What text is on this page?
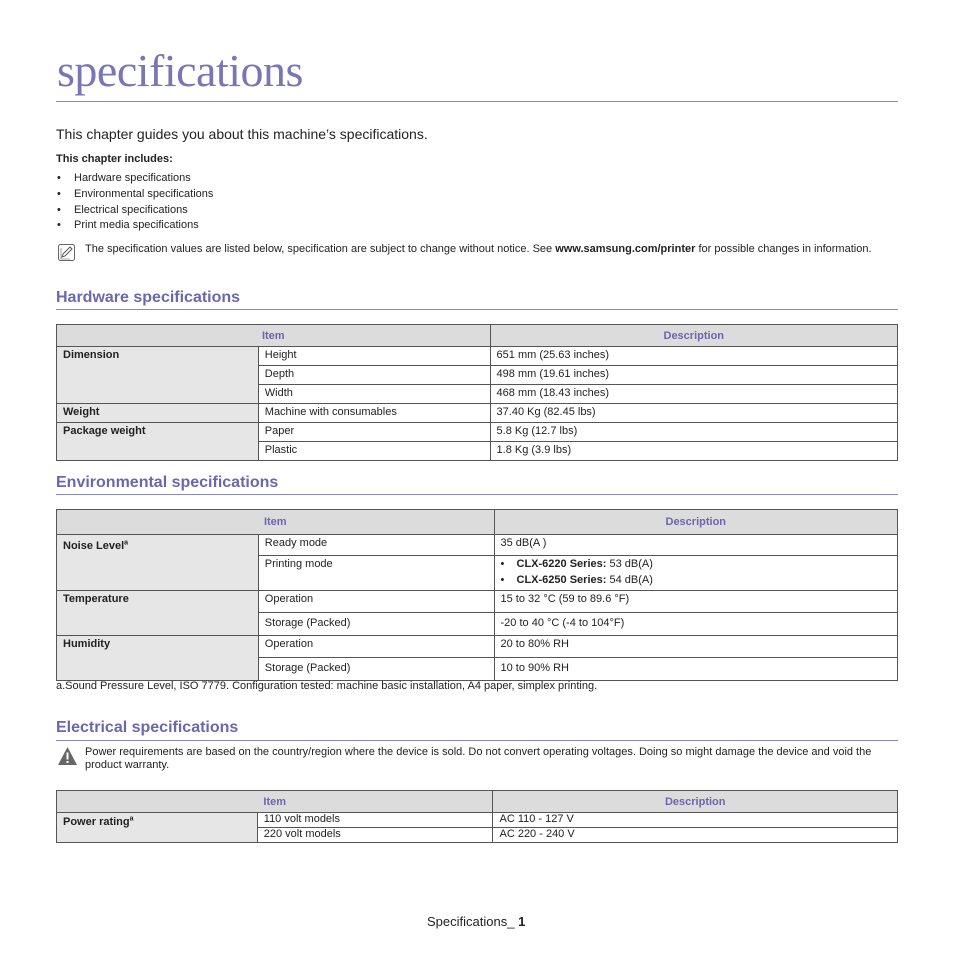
specifications
This chapter guides you about this machine’s specifications.
This chapter includes:
• Hardware specifications
• Environmental specifications
• Electrical specifications
• Print media specifications
The specification values are listed below, specification are subject to change without notice. See www.samsung.com/printer for possible changes in information.
Hardware specifications
Item		Description
Dimension	Height	651 mm (25.63 inches)
	Depth	498 mm (19.61 inches)
	Width	468 mm (18.43 inches)
Weight	Machine with consumables	37.40 Kg (82.45 lbs)
Package weight	Paper	5.8 Kg (12.7 lbs)
	Plastic	1.8 Kg (3.9 lbs)
Environmental specifications
Item		Description
Noise Level$^a$	Ready mode	35 dB(A )
	Printing mode	• CLX-6220 Series: 53 dB(A)
• CLX-6250 Series: 54 dB(A)

Temperature	Operation	15 to 32 °C (59 to 89.6 °F)
	Storage (Packed)	-20 to 40 °C (-4 to 104°F)
Humidity	Operation	20 to 80% RH
	Storage (Packed)	10 to 90% RH
a.Sound Pressure Level, ISO 7779. Configuration tested: machine basic installation, A4 paper, simplex printing.
Electrical specifications
Power requirements are based on the country/region where the device is sold. Do not convert operating voltages. Doing so might damage the device and void the product warranty.
Item		Description
Power rating$^a$	110 volt models	AC 110 - 127 V
	220 volt models	AC 220 - 240 V
Specifications_ 1
